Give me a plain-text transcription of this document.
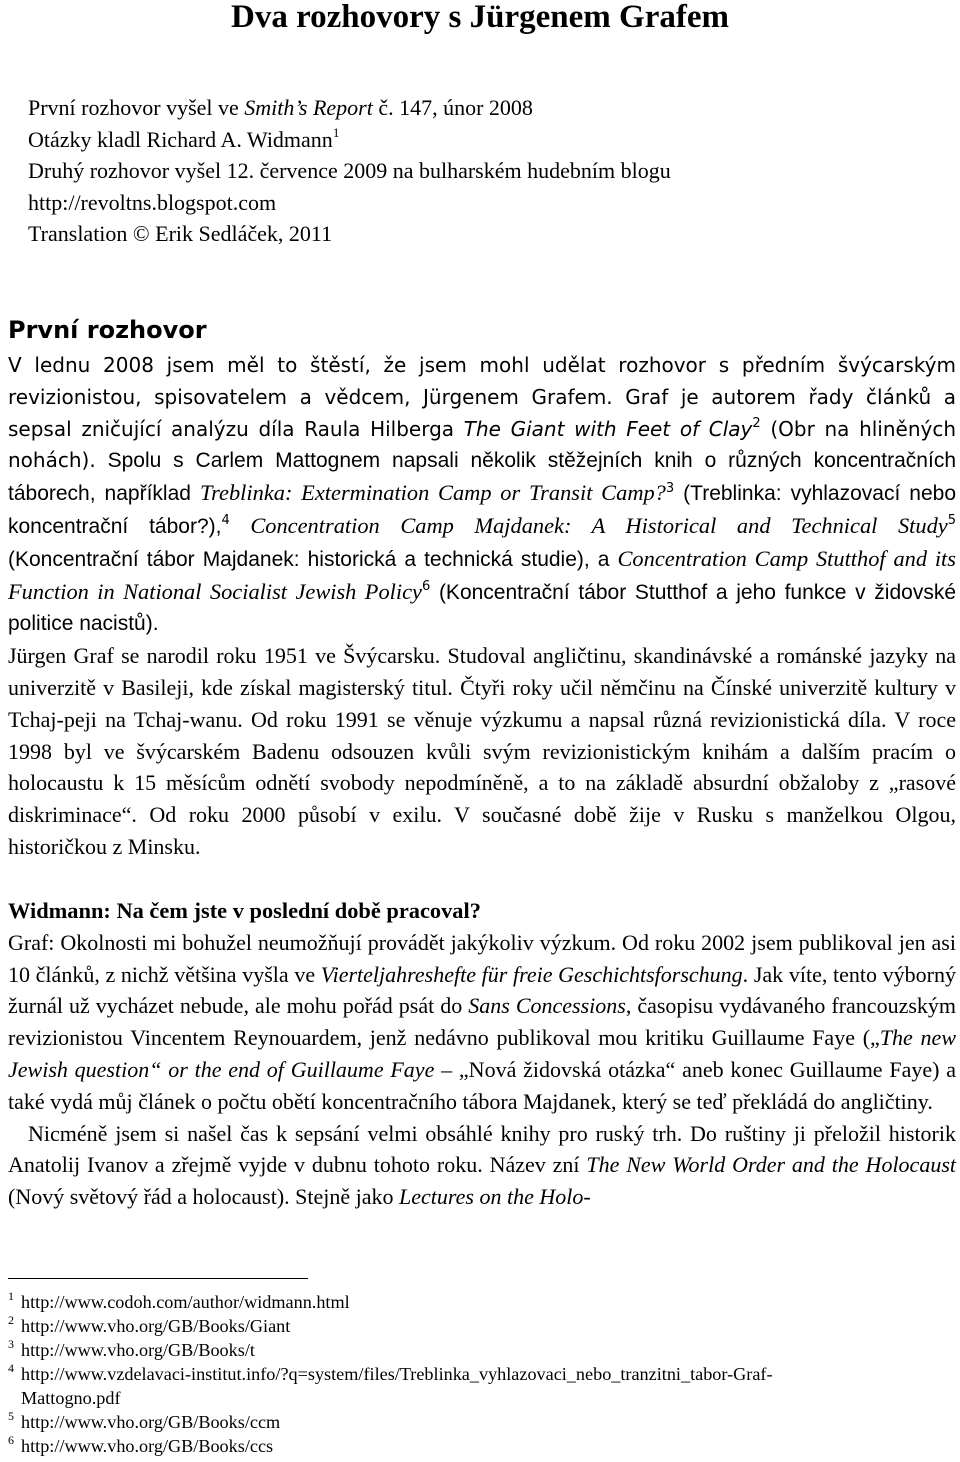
Dva rozhovory s Jürgenem Grafem
První rozhovor vyšel ve Smith’s Report č. 147, únor 2008
Otázky kladl Richard A. Widmann$^1$
Druhý rozhovor vyšel 12. července 2009 na bulharském hudebním blogu
http://revoltns.blogspot.com
Translation © Erik Sedláček, 2011
První rozhovor

V lednu 2008 jsem měl to štěstí, že jsem mohl udělat rozhovor s předním švýcarským revizionistou, spisovatelem a vědcem, Jürgenem Grafem. Graf je autorem řady článků a sepsal zničující analýzu díla Raula Hilberga The Giant with Feet of Clay$^2$ (Obr na hliněných nohách). Spolu s Carlem Mattognem napsali několik stěžejních knih o různých koncentračních táborech, například Treblinka: Extermination Camp or Transit Camp?$^3$ (Treblinka: vyhlazovací nebo koncentrační tábor?),$^4$ Concentration Camp Majdanek: A Historical and Technical Study$^5$ (Koncentrační tábor Majdanek: historická a technická studie), a Concentration Camp Stutthof and its Function in National Socialist Jewish Policy$^6$ (Koncentrační tábor Stutthof a jeho funkce v židovské politice nacistů).

Jürgen Graf se narodil roku 1951 ve Švýcarsku. Studoval angličtinu, skandinávské a románské jazyky na univerzitě v Basileji, kde získal magisterský titul. Čtyři roky učil němčinu na Čínské univerzitě kultury v Tchaj-peji na Tchaj-wanu. Od roku 1991 se věnuje výzkumu a napsal různá revizionistická díla. V roce 1998 byl ve švýcarském Badenu odsouzen kvůli svým revizionistickým knihám a dalším pracím o holocaustu k 15 měsícům odnětí svobody nepodmíněně, a to na základě absurdní obžaloby z „rasové diskriminace“. Od roku 2000 působí v exilu. V současné době žije v Rusku s manželkou Olgou, historičkou z Minsku.

Widmann: Na čem jste v poslední době pracoval?

Graf: Okolnosti mi bohužel neumožňují provádět jakýkoliv výzkum. Od roku 2002 jsem publikoval jen asi 10 článků, z nichž většina vyšla ve Vierteljahreshefte für freie Geschichtsforschung. Jak víte, tento výborný žurnál už vycházet nebude, ale mohu pořád psát do Sans Concessions, časopisu vydávaného francouzským revizionistou Vincentem Reynouardem, jenž nedávno publikoval mou kritiku Guillaume Faye („The new Jewish question“ or the end of Guillaume Faye – „Nová židovská otázka“ aneb konec Guillaume Faye) a také vydá můj článek o počtu obětí koncentračního tábora Majdanek, který se teď překládá do angličtiny.

Nicméně jsem si našel čas k sepsání velmi obsáhlé knihy pro ruský trh. Do ruštiny ji přeložil historik Anatolij Ivanov a zřejmě vyjde v dubnu tohoto roku. Název zní The New World Order and the Holocaust (Nový světový řád a holocaust). Stejně jako Lectures on the Holo-

1 http://www.codoh.com/author/widmann.html
2 http://www.vho.org/GB/Books/Giant
3 http://www.vho.org/GB/Books/t
4 http://www.vzdelavaci-institut.info/?q=system/files/Treblinka_vyhlazovaci_nebo_tranzitni_tabor-Graf-
Mattogno.pdf
5 http://www.vho.org/GB/Books/ccm
6 http://www.vho.org/GB/Books/ccs
